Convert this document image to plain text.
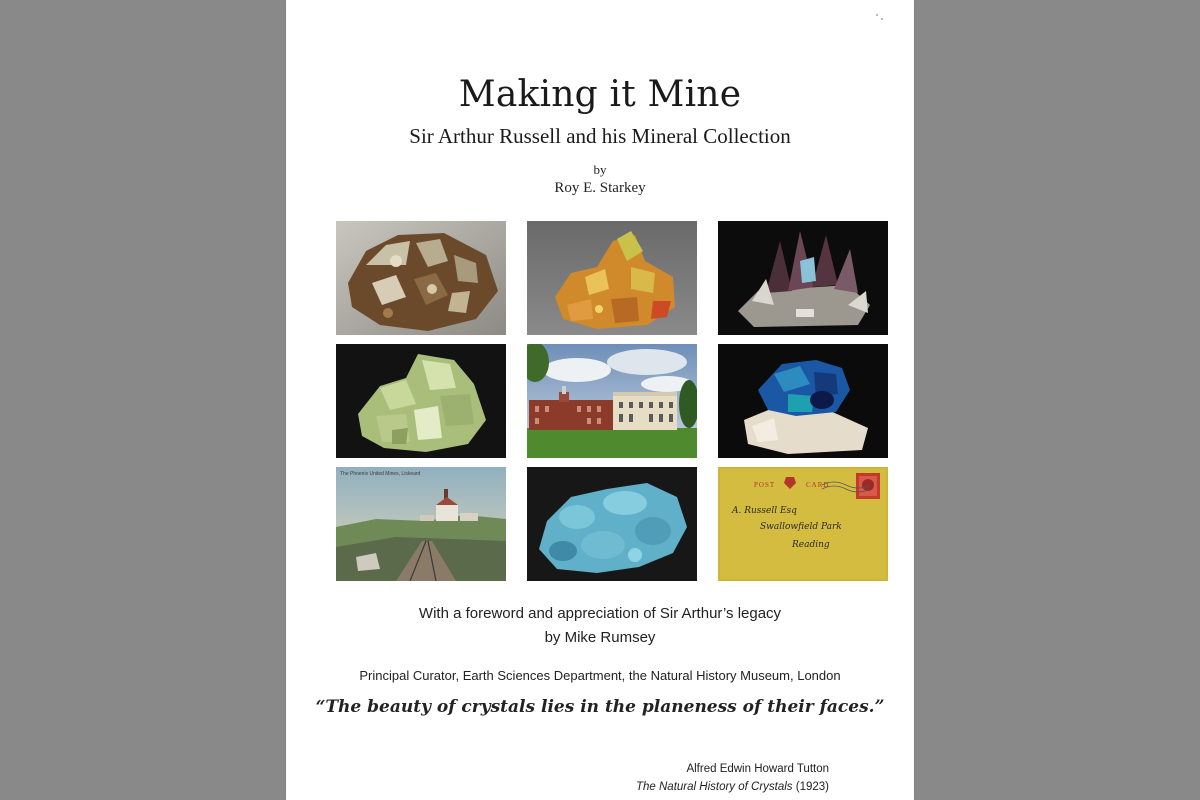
Making it Mine
Sir Arthur Russell and his Mineral Collection
by
Roy E. Starkey
The Phoenix United Mines, Liskeard
POST	CARD
A. Russell Esq
Swallowfield Park
Reading
With a foreword and appreciation of Sir Arthur’s legacy
by Mike Rumsey
Principal Curator, Earth Sciences Department, the Natural History Museum, London
“The beauty of crystals lies in the planeness of their faces.”
Alfred Edwin Howard Tutton
The Natural History of Crystals (1923)
